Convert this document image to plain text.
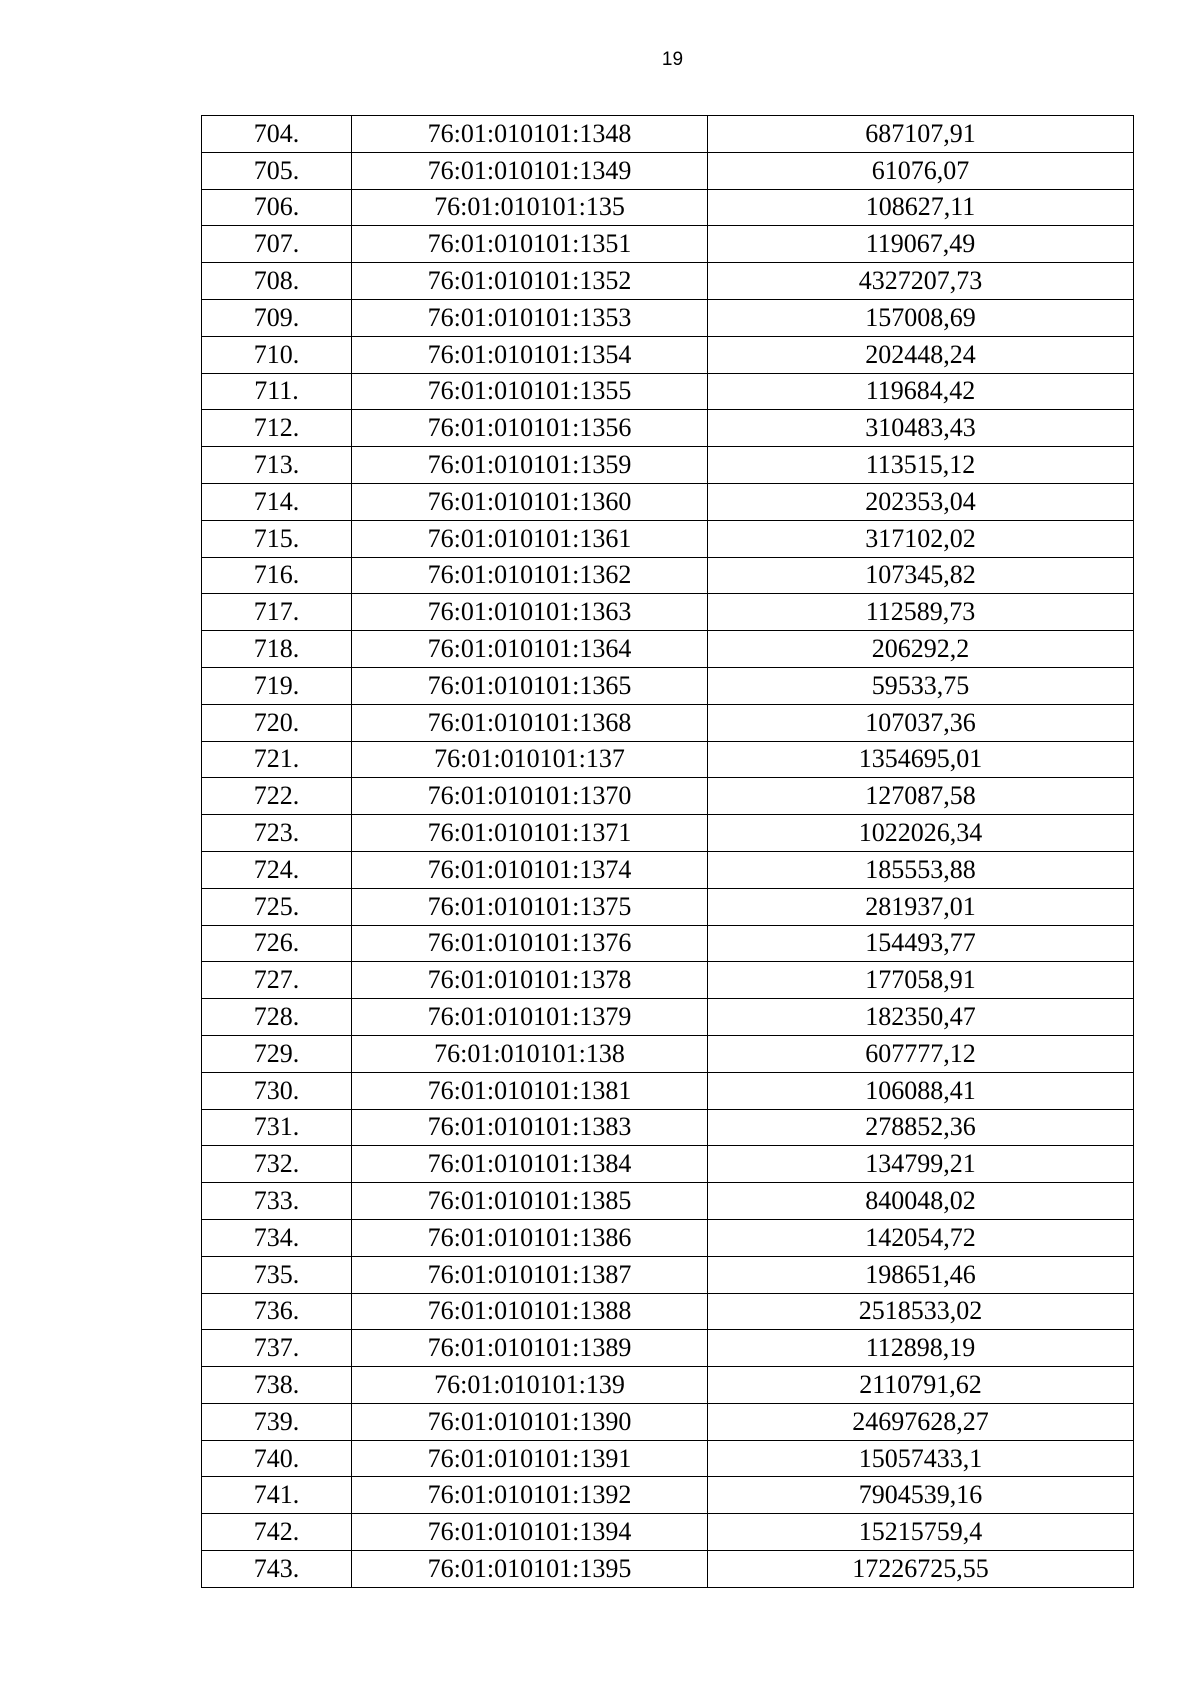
19
704.	76:01:010101:1348	687107,91
705.	76:01:010101:1349	61076,07
706.	76:01:010101:135	108627,11
707.	76:01:010101:1351	119067,49
708.	76:01:010101:1352	4327207,73
709.	76:01:010101:1353	157008,69
710.	76:01:010101:1354	202448,24
711.	76:01:010101:1355	119684,42
712.	76:01:010101:1356	310483,43
713.	76:01:010101:1359	113515,12
714.	76:01:010101:1360	202353,04
715.	76:01:010101:1361	317102,02
716.	76:01:010101:1362	107345,82
717.	76:01:010101:1363	112589,73
718.	76:01:010101:1364	206292,2
719.	76:01:010101:1365	59533,75
720.	76:01:010101:1368	107037,36
721.	76:01:010101:137	1354695,01
722.	76:01:010101:1370	127087,58
723.	76:01:010101:1371	1022026,34
724.	76:01:010101:1374	185553,88
725.	76:01:010101:1375	281937,01
726.	76:01:010101:1376	154493,77
727.	76:01:010101:1378	177058,91
728.	76:01:010101:1379	182350,47
729.	76:01:010101:138	607777,12
730.	76:01:010101:1381	106088,41
731.	76:01:010101:1383	278852,36
732.	76:01:010101:1384	134799,21
733.	76:01:010101:1385	840048,02
734.	76:01:010101:1386	142054,72
735.	76:01:010101:1387	198651,46
736.	76:01:010101:1388	2518533,02
737.	76:01:010101:1389	112898,19
738.	76:01:010101:139	2110791,62
739.	76:01:010101:1390	24697628,27
740.	76:01:010101:1391	15057433,1
741.	76:01:010101:1392	7904539,16
742.	76:01:010101:1394	15215759,4
743.	76:01:010101:1395	17226725,55
